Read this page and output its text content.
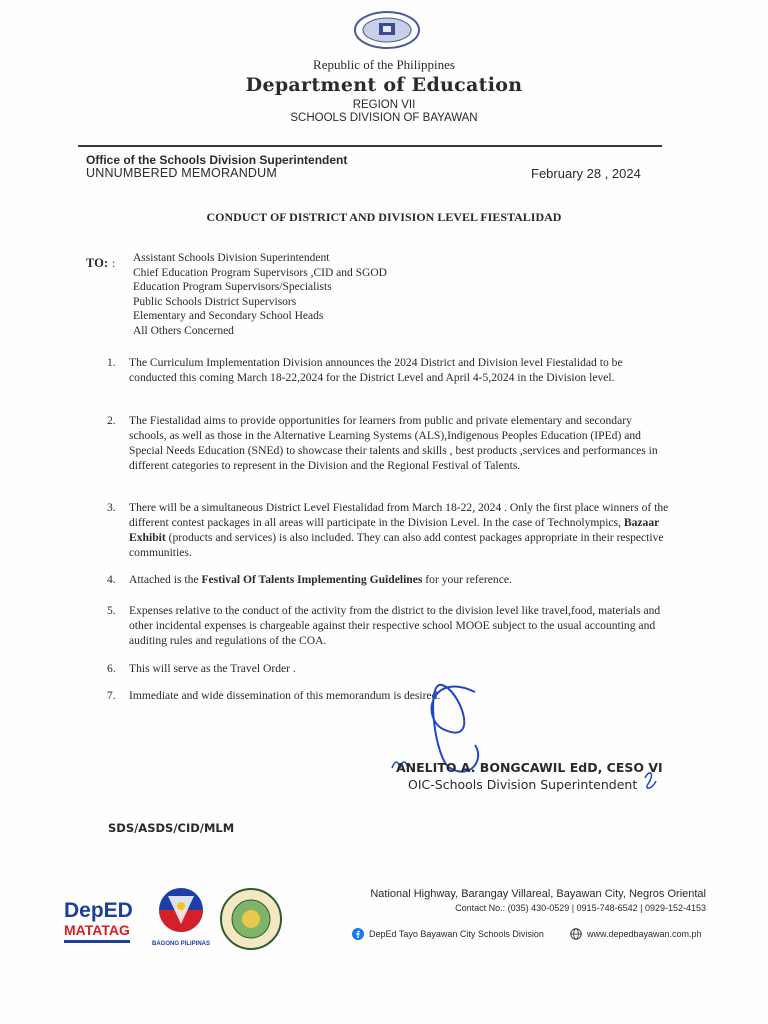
Republic of the Philippines
Department of Education
REGION VII
SCHOOLS DIVISION OF BAYAWAN
Office of the Schools Division Superintendent
UNNUMBERED MEMORANDUM	February 28 , 2024
CONDUCT OF DISTRICT AND DIVISION LEVEL FIESTALIDAD
TO: : Assistant Schools Division Superintendent
Chief Education Program Supervisors ,CID and SGOD
Education Program Supervisors/Specialists
Public Schools District Supervisors
Elementary and Secondary School Heads
All Others Concerned
1. The Curriculum Implementation Division announces the 2024 District and Division level Fiestalidad to be conducted this coming March 18-22,2024 for the District Level and April 4-5,2024 in the Division level.
2. The Fiestalidad aims to provide opportunities for learners from public and private elementary and secondary schools, as well as those in the Alternative Learning Systems (ALS),Indigenous Peoples Education (IPEd) and Special Needs Education (SNEd) to showcase their talents and skills , best products ,services and performances in different categories to represent in the Division and the Regional Festival of Talents.
3. There will be a simultaneous District Level Fiestalidad from March 18-22, 2024 . Only the first place winners of the different contest packages in all areas will participate in the Division Level. In the case of Technolympics, Bazaar Exhibit (products and services) is also included. They can also add contest packages appropriate in their respective communities.
4. Attached is the Festival Of Talents Implementing Guidelines for your reference.
5. Expenses relative to the conduct of the activity from the district to the division level like travel,food, materials and other incidental expenses is chargeable against their respective school MOOE subject to the usual accounting and auditing rules and regulations of the COA.
6. This will serve as the Travel Order .
7. Immediate and wide dissemination of this memorandum is desired.
ANELITO A. BONGCAWIL EdD, CESO VI
OIC-Schools Division Superintendent
SDS/ASDS/CID/MLM
DepED
MATATAG
BAGONG PILIPINAS
National Highway, Barangay Villareal, Bayawan City, Negros Oriental
Contact No.: (035) 430-0529 | 0915-748-6542 | 0929-152-4153
DepEd Tayo Bayawan City Schools Division	www.depedbayawan.com.ph
